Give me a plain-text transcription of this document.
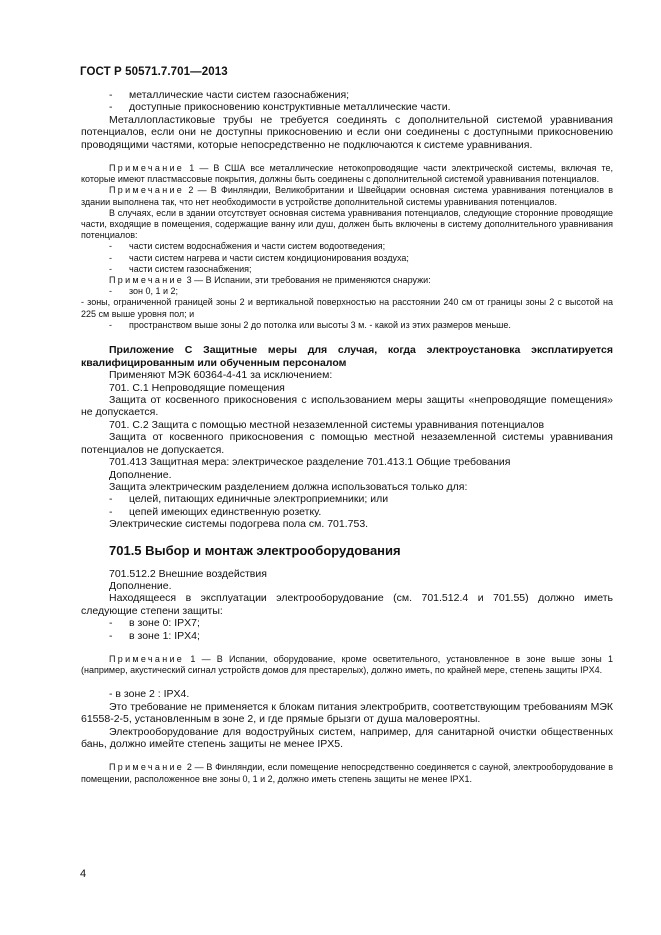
ГОСТ Р 50571.7.701—2013
-	металлические части систем газоснабжения;
-	доступные прикосновению конструктивные металлические части.

Металлопластиковые трубы не требуется соединять с дополнительной системой уравнивания потенциалов, если они не доступны прикосновению и если они соединены с доступными прикосновению проводящими частями, которые непосредственно не подключаются к системе уравнивания.

Примечание 1 — В США все металлические нетокопроводящие части электрической системы, включая те, которые имеют пластмассовые покрытия, должны быть соединены с дополнительной системой уравнивания потенциалов.

Примечание 2 — В Финляндии, Великобритании и Швейцарии основная система уравнивания потенциалов в здании выполнена так, что нет необходимости в устройстве дополнительной системы уравнивания потенциалов.

В случаях, если в здании отсутствует основная система уравнивания потенциалов, следующие сторонние проводящие части, входящие в помещения, содержащие ванну или душ, должен быть включены в систему дополнительного уравнивания потенциалов:

-	части систем водоснабжения и части систем водоотведения;
-	части систем нагрева и части систем кондиционирования воздуха;
-	части систем газоснабжения;

Примечание 3 — В Испании, эти требования не применяются снаружи:

-	зон 0, 1 и 2;

- зоны, ограниченной границей зоны 2 и вертикальной поверхностью на расстоянии 240 см от границы зоны 2 с высотой на 225 см выше уровня пол; и

-	пространством выше зоны 2 до потолка или высоты 3 м. - какой из этих размеров меньше.

Приложение С Защитные меры для случая, когда электроустановка эксплатируется квалифицированным или обученным персоналом

Применяют МЭК 60364-4-41 за исключением:

701. С.1 Непроводящие помещения

Защита от косвенного прикосновения с использованием меры защиты «непроводящие помещения» не допускается.

701. С.2 Защита с помощью местной незаземленной системы уравнивания потенциалов

Защита от косвенного прикосновения с помощью местной незаземленной системы уравнивания потенциалов не допускается.

701.413 Защитная мера: электрическое разделение 701.413.1 Общие требования

Дополнение.

Защита электрическим разделением должна использоваться только для:

-	целей, питающих единичные электроприемники; или
-	цепей имеющих единственную розетку.

Электрические системы подогрева пола см. 701.753.

701.5 Выбор и монтаж электрооборудования

701.512.2 Внешние воздействия

Дополнение.

Находящееся в эксплуатации электрооборудование (см. 701.512.4 и 701.55) должно иметь следующие степени защиты:

-	в зоне 0: IPX7;
-	в зоне 1: IPX4;

Примечание 1 — В Испании, оборудование, кроме осветительного, установленное в зоне выше зоны 1 (например, акустический сигнал устройств домов для престарелых), должно иметь, по крайней мере, степень защиты IPX4.

- в зоне 2 : IPX4.

Это требование не применяется к блокам питания электробритв, соответствующим требованиям МЭК 61558-2-5, установленным в зоне 2, и где прямые брызги от душа маловероятны.

Электрооборудование для водоструйных систем, например, для санитарной очистки общественных бань, должно имейте степень защиты не менее IPX5.

Примечание 2 — В Финляндии, если помещение непосредственно соединяется с сауной, электрооборудование в помещении, расположенное вне зоны 0, 1 и 2, должно иметь степень защиты не менее IPX1.

4
